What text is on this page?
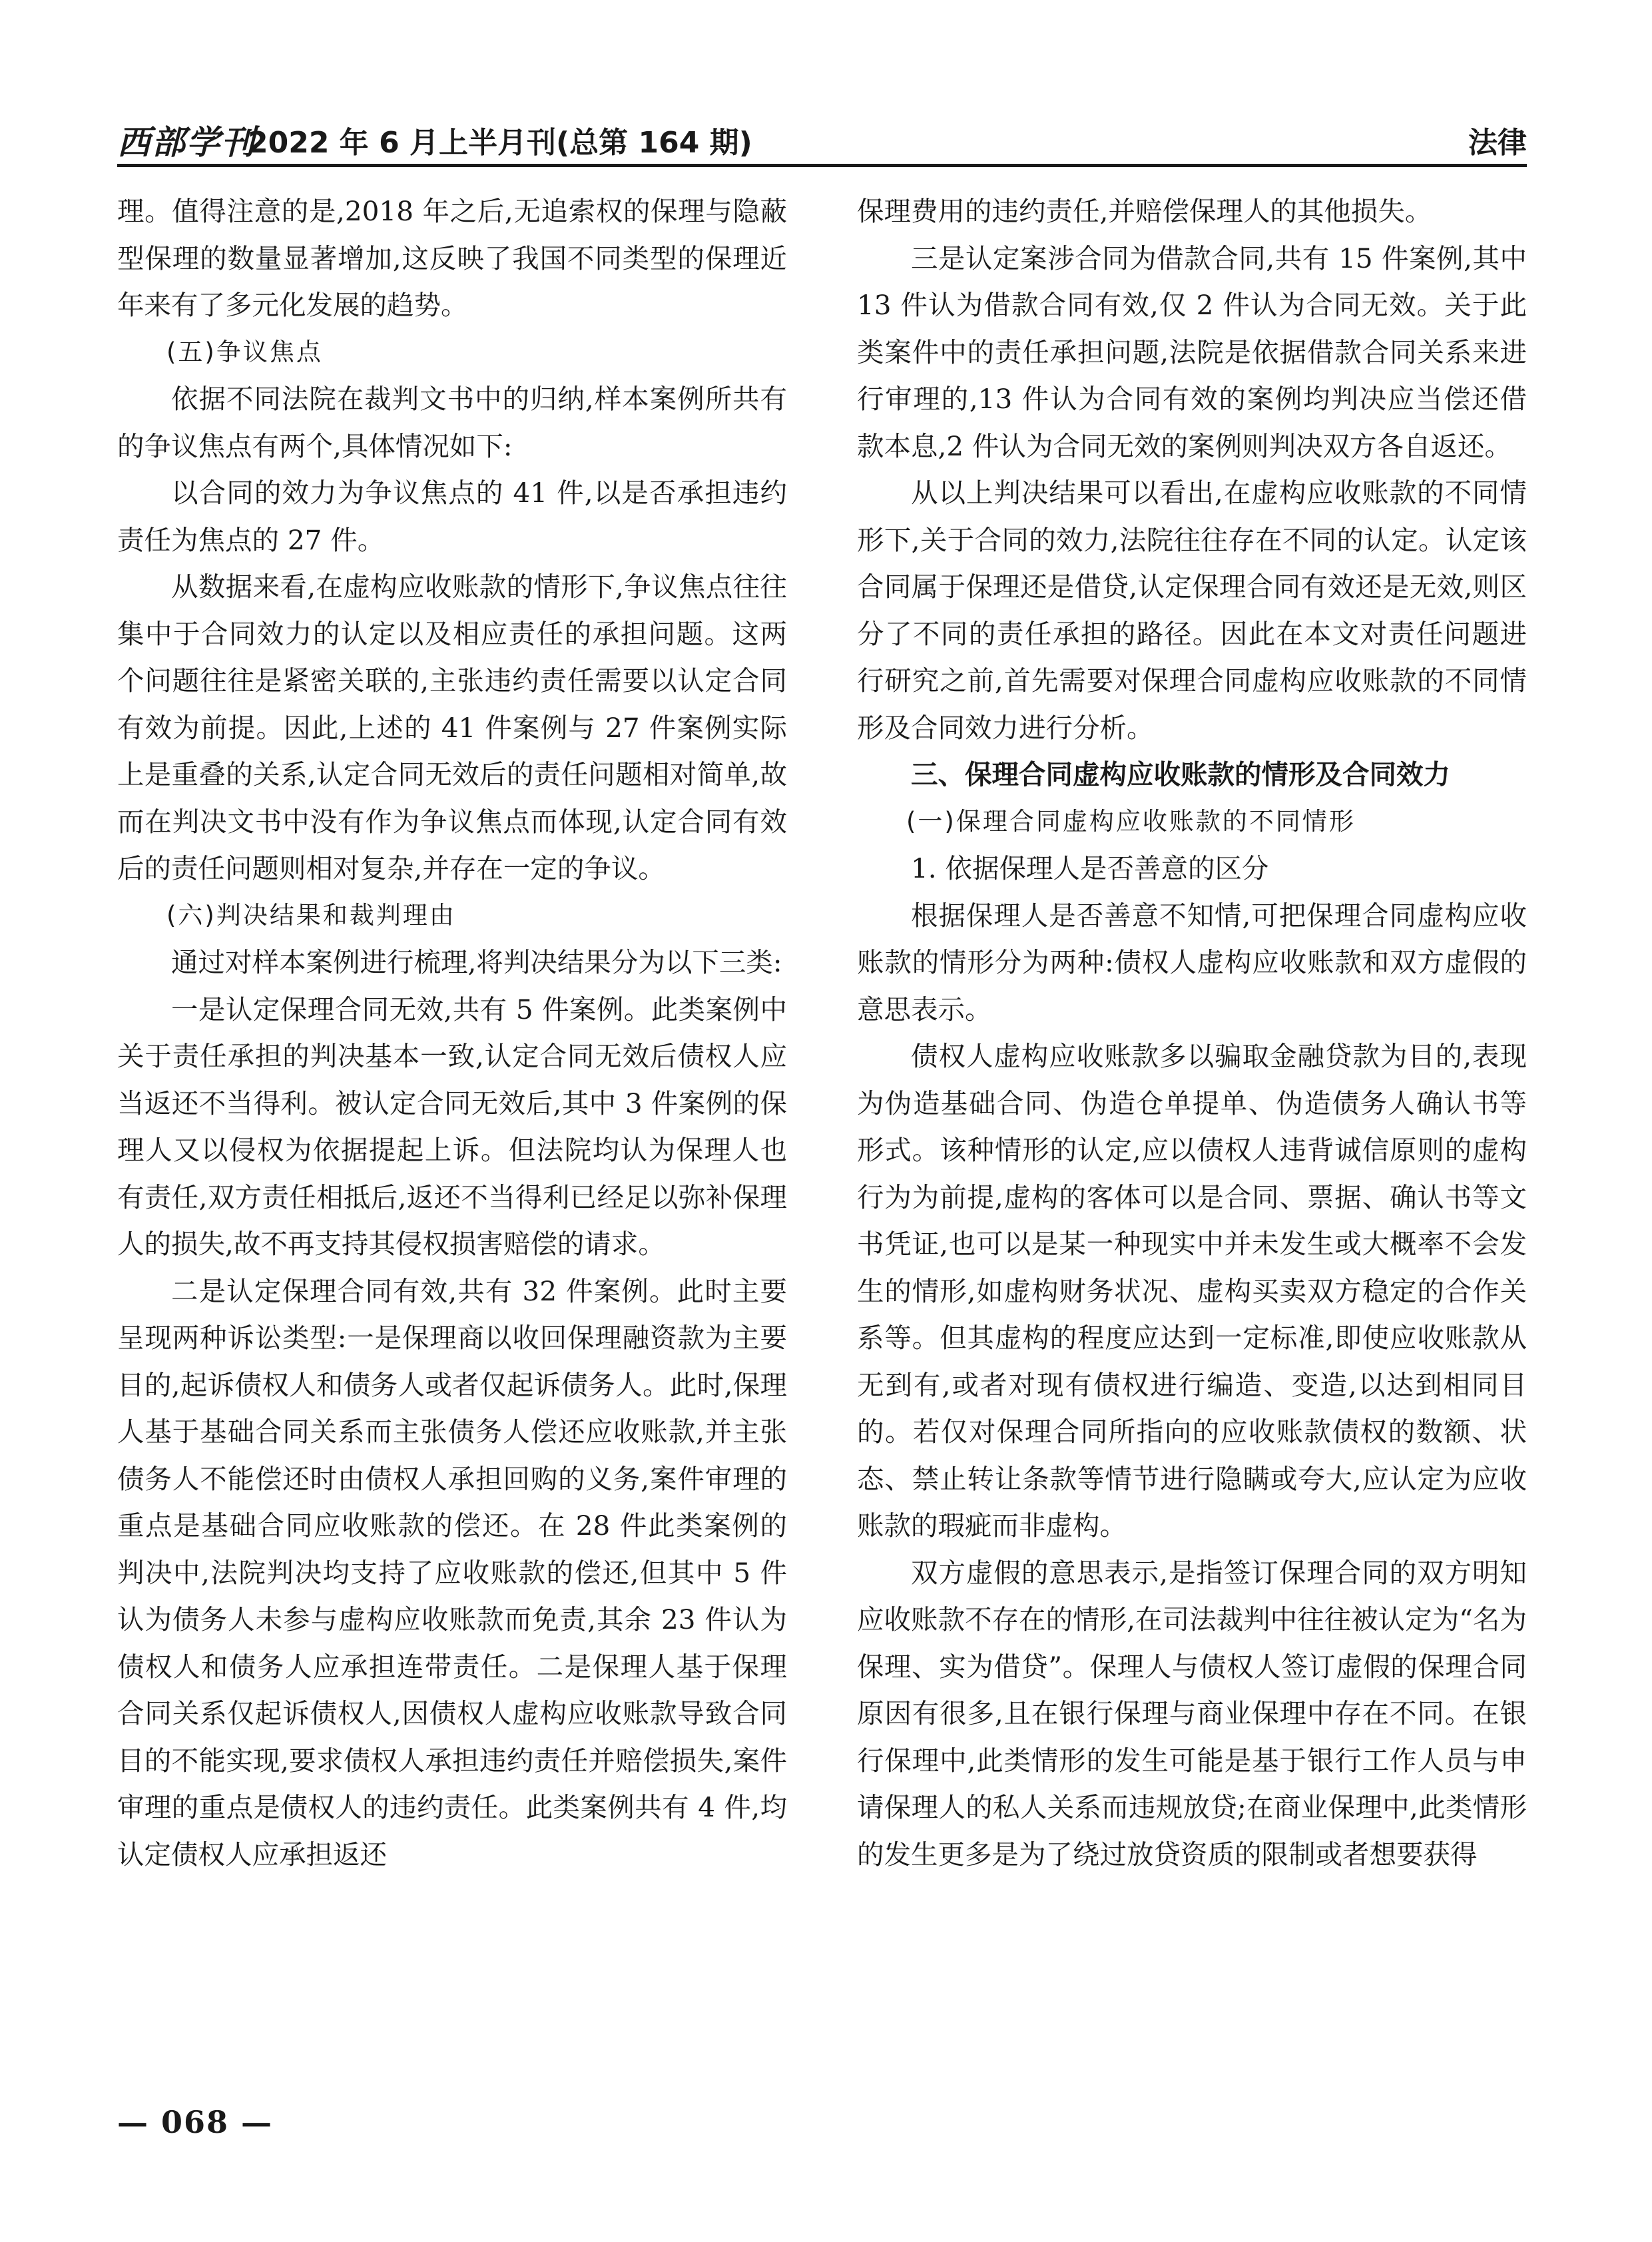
西部学刊
2022 年 6 月上半月刊(总第 164 期)	法律

理。值得注意的是,2018 年之后,无追索权的保理与隐蔽型保理的数量显著增加,这反映了我国不同类型的保理近年来有了多元化发展的趋势。

(五)争议焦点

依据不同法院在裁判文书中的归纳,样本案例所共有的争议焦点有两个,具体情况如下:

以合同的效力为争议焦点的 41 件,以是否承担违约责任为焦点的 27 件。

从数据来看,在虚构应收账款的情形下,争议焦点往往集中于合同效力的认定以及相应责任的承担问题。这两个问题往往是紧密关联的,主张违约责任需要以认定合同有效为前提。因此,上述的 41 件案例与 27 件案例实际上是重叠的关系,认定合同无效后的责任问题相对简单,故而在判决文书中没有作为争议焦点而体现,认定合同有效后的责任问题则相对复杂,并存在一定的争议。

(六)判决结果和裁判理由

通过对样本案例进行梳理,将判决结果分为以下三类:

一是认定保理合同无效,共有 5 件案例。此类案例中关于责任承担的判决基本一致,认定合同无效后债权人应当返还不当得利。被认定合同无效后,其中 3 件案例的保理人又以侵权为依据提起上诉。但法院均认为保理人也有责任,双方责任相抵后,返还不当得利已经足以弥补保理人的损失,故不再支持其侵权损害赔偿的请求。

二是认定保理合同有效,共有 32 件案例。此时主要呈现两种诉讼类型:一是保理商以收回保理融资款为主要目的,起诉债权人和债务人或者仅起诉债务人。此时,保理人基于基础合同关系而主张债务人偿还应收账款,并主张债务人不能偿还时由债权人承担回购的义务,案件审理的重点是基础合同应收账款的偿还。在 28 件此类案例的判决中,法院判决均支持了应收账款的偿还,但其中 5 件认为债务人未参与虚构应收账款而免责,其余 23 件认为债权人和债务人应承担连带责任。二是保理人基于保理合同关系仅起诉债权人,因债权人虚构应收账款导致合同目的不能实现,要求债权人承担违约责任并赔偿损失,案件审理的重点是债权人的违约责任。此类案例共有 4 件,均认定债权人应承担返还

保理费用的违约责任,并赔偿保理人的其他损失。

三是认定案涉合同为借款合同,共有 15 件案例,其中 13 件认为借款合同有效,仅 2 件认为合同无效。关于此类案件中的责任承担问题,法院是依据借款合同关系来进行审理的,13 件认为合同有效的案例均判决应当偿还借款本息,2 件认为合同无效的案例则判决双方各自返还。

从以上判决结果可以看出,在虚构应收账款的不同情形下,关于合同的效力,法院往往存在不同的认定。认定该合同属于保理还是借贷,认定保理合同有效还是无效,则区分了不同的责任承担的路径。因此在本文对责任问题进行研究之前,首先需要对保理合同虚构应收账款的不同情形及合同效力进行分析。

三、保理合同虚构应收账款的情形及合同效力

(一)保理合同虚构应收账款的不同情形

1. 依据保理人是否善意的区分

根据保理人是否善意不知情,可把保理合同虚构应收账款的情形分为两种:债权人虚构应收账款和双方虚假的意思表示。

债权人虚构应收账款多以骗取金融贷款为目的,表现为伪造基础合同、伪造仓单提单、伪造债务人确认书等形式。该种情形的认定,应以债权人违背诚信原则的虚构行为为前提,虚构的客体可以是合同、票据、确认书等文书凭证,也可以是某一种现实中并未发生或大概率不会发生的情形,如虚构财务状况、虚构买卖双方稳定的合作关系等。但其虚构的程度应达到一定标准,即使应收账款从无到有,或者对现有债权进行编造、变造,以达到相同目的。若仅对保理合同所指向的应收账款债权的数额、状态、禁止转让条款等情节进行隐瞒或夸大,应认定为应收账款的瑕疵而非虚构。

双方虚假的意思表示,是指签订保理合同的双方明知应收账款不存在的情形,在司法裁判中往往被认定为“名为保理、实为借贷”。保理人与债权人签订虚假的保理合同原因有很多,且在银行保理与商业保理中存在不同。在银行保理中,此类情形的发生可能是基于银行工作人员与申请保理人的私人关系而违规放贷;在商业保理中,此类情形的发生更多是为了绕过放贷资质的限制或者想要获得

— 068 —
